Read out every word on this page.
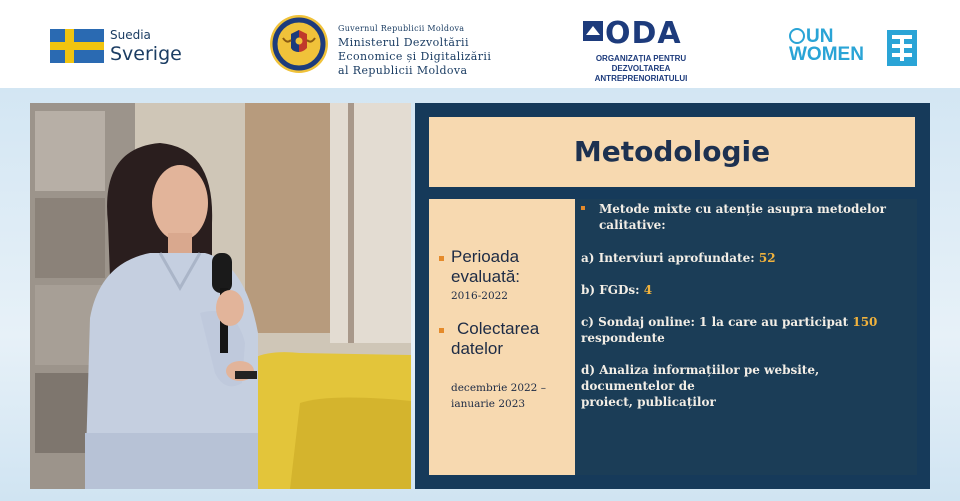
Suedia
Sverige
Guvernul Republicii Moldova
Ministerul Dezvoltării
Economice și Digitalizării
al Republicii Moldova
ODA
ORGANIZAȚIA PENTRU DEZVOLTAREA
ANTREPRENORIATULUI
UN
WOMEN
Metodologie
Perioada
evaluată:
2016-2022
Colectarea
datelor
decembrie 2022 –
ianuarie 2023
Metode mixte cu atenție asupra metodelor
calitative:
a) Interviuri aprofundate: 52
b) FGDs: 4
c) Sondaj online: 1 la care au participat 150
respondente
d) Analiza informațiilor pe website, documentelor de
proiect, publicaților
